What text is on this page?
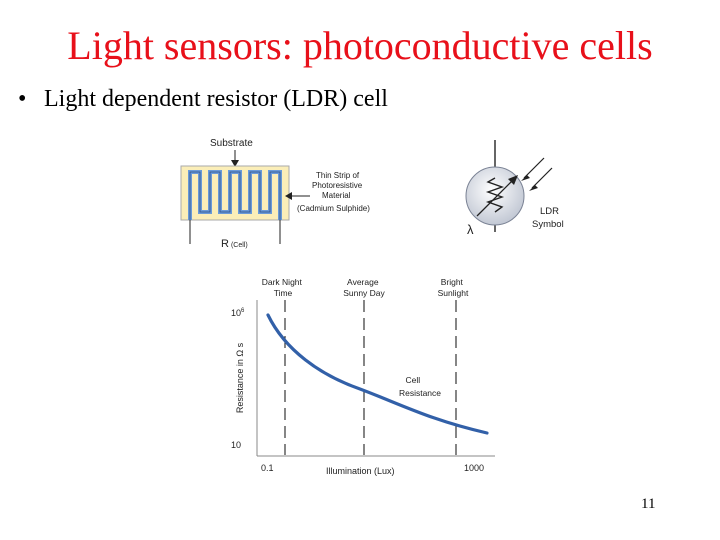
Light sensors: photoconductive cells
• Light dependent resistor (LDR) cell
Substrate
R (Cell)
Thin Strip of Photoresistive Material (Cadmium Sulphide)
λ
LDR Symbol
$10^6$
10
0.1	1000
Illumination (Lux)
Resistance in Ω s
Dark Night Time
Average Sunny Day
Bright Sunlight
Cell Resistance
11
